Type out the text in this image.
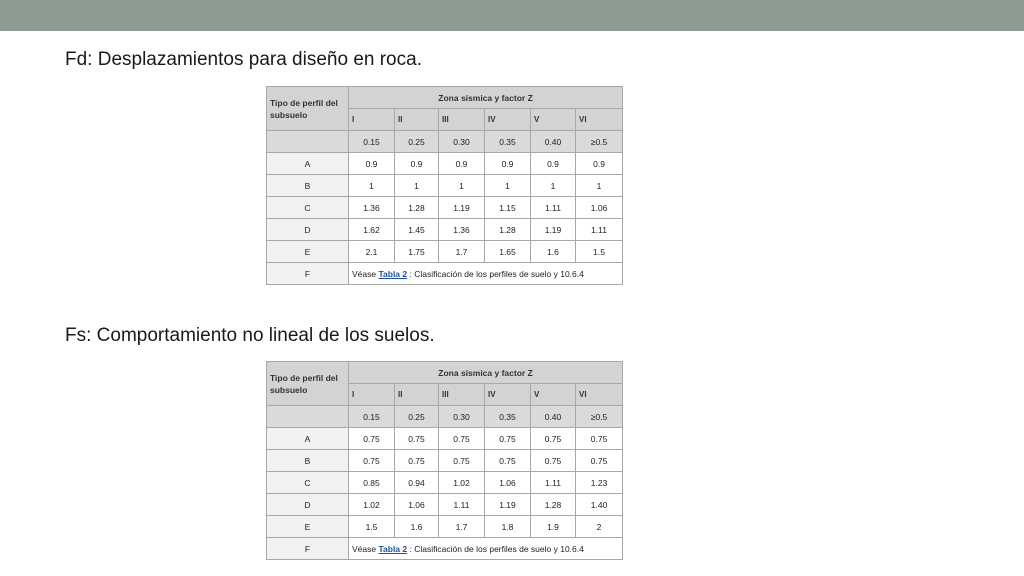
Fd: Desplazamientos para diseño en roca.
Tipo de perfil del subsuelo	Zona sísmica y factor Z					
	I	II	III	IV	V	VI
	0.15	0.25	0.30	0.35	0.40	≥0.5
A	0.9	0.9	0.9	0.9	0.9	0.9
B	1	1	1	1	1	1
C	1.36	1.28	1.19	1.15	1.11	1.06
D	1.62	1.45	1.36	1.28	1.19	1.11
E	2.1	1.75	1.7	1.65	1.6	1.5
F	Véase Tabla 2 : Clasificación de los perfiles de suelo y 10.6.4					
Fs: Comportamiento no lineal de los suelos.
Tipo de perfil del subsuelo	Zona sísmica y factor Z					
	I	II	III	IV	V	VI
	0.15	0.25	0.30	0.35	0.40	≥0.5
A	0.75	0.75	0.75	0.75	0.75	0.75
B	0.75	0.75	0.75	0.75	0.75	0.75
C	0.85	0.94	1.02	1.06	1.11	1.23
D	1.02	1.06	1.11	1.19	1.28	1.40
E	1.5	1.6	1.7	1.8	1.9	2
F	Véase Tabla 2 : Clasificación de los perfiles de suelo y 10.6.4					
